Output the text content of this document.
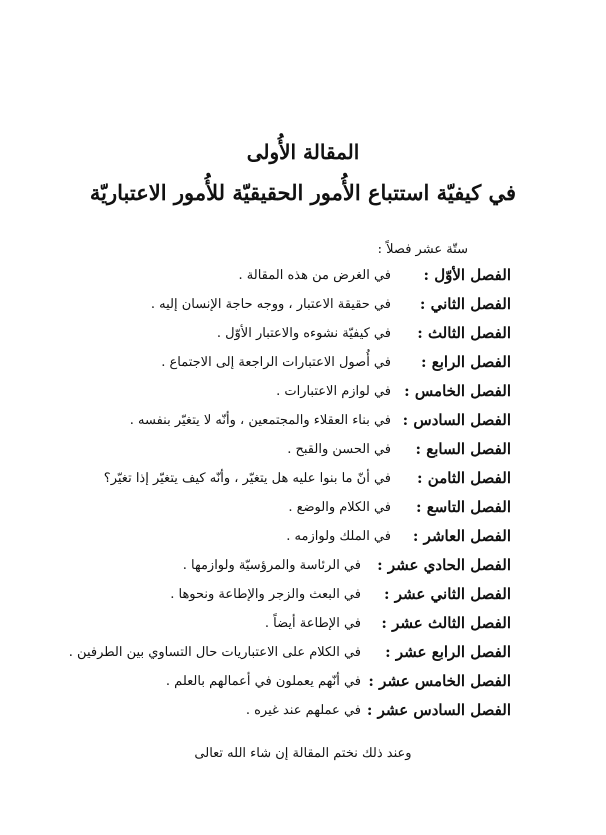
المقالة الأُولى
في كيفيّة استتباع الأُمور الحقيقيّة للأُمور الاعتباريّة
ستّة عشر فصلاً :
الفصل الأوّل :
في الغرض من هذه المقالة .
الفصل الثاني :
في حقيقة الاعتبار ، ووجه حاجة الإنسان إليه .
الفصل الثالث :
في كيفيّة نشوءه والاعتبار الأوّل .
الفصل الرابع :
في أُصول الاعتبارات الراجعة إلى الاجتماع .
الفصل الخامس :
في لوازم الاعتبارات .
الفصل السادس :
في بناء العقلاء والمجتمعين ، وأنّه لا يتغيّر بنفسه .
الفصل السابع :
في الحسن والقبح .
الفصل الثامن :
في أنّ ما بنوا عليه هل يتغيّر ، وأنّه كيف يتغيّر إذا تغيّر؟
الفصل التاسع :
في الكلام والوضع .
الفصل العاشر :
في الملك ولوازمه .
الفصل الحادي عشر :
في الرئاسة والمرؤسيّة ولوازمها .
الفصل الثاني عشر :
في البعث والزجر والإطاعة ونحوها .
الفصل الثالث عشر :
في الإطاعة أيضاً .
الفصل الرابع عشر :
في الكلام على الاعتباريات حال التساوي بين الطرفين .
الفصل الخامس عشر :
في أنّهم يعملون في أعمالهم بالعلم .
الفصل السادس عشر :
في عملهم عند غيره .
وعند ذلك نختم المقالة إن شاء الله تعالى
